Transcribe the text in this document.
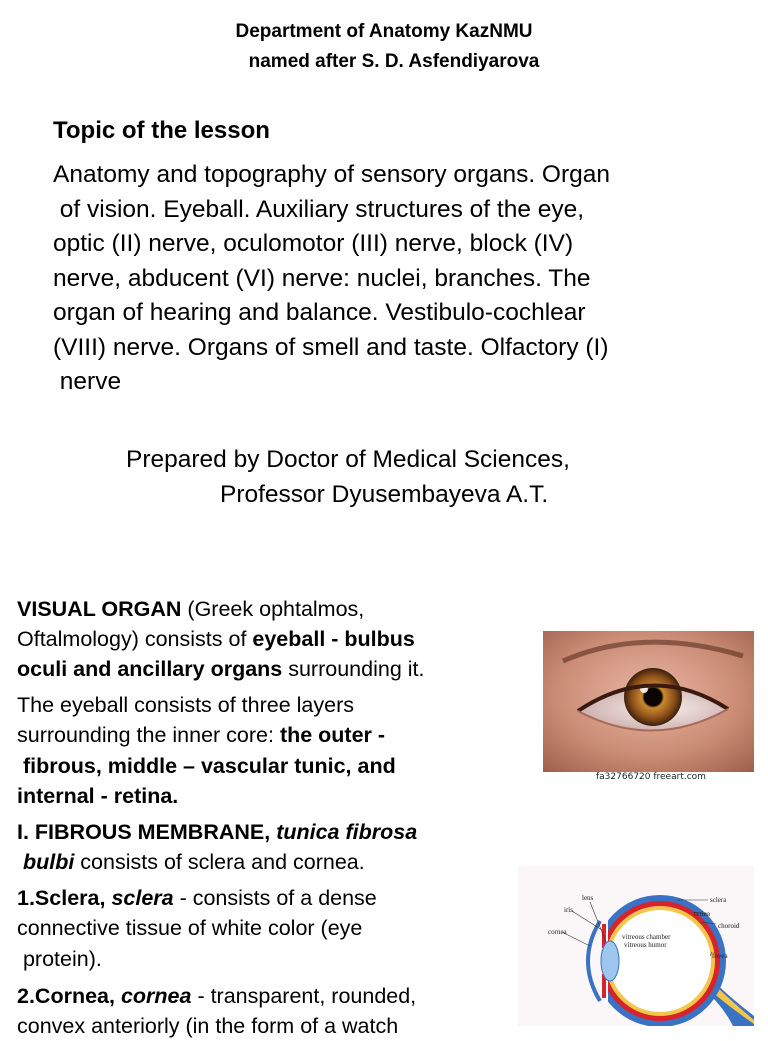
Department of Anatomy KazNMU
named after S. D. Asfendiyarova
Topic of the lesson
Anatomy and topography of sensory organs. Organ
of vision. Eyeball. Auxiliary structures of the eye,
optic (II) nerve, oculomotor (III) nerve, block (IV)
nerve, abducent (VI) nerve: nuclei, branches. The
organ of hearing and balance. Vestibulo-cochlear
(VIII) nerve. Organs of smell and taste. Olfactory (I)
nerve
Prepared by Doctor of Medical Sciences,
Professor Dyusembayeva A.T.
VISUAL ORGAN (Greek ophtalmos,
Oftalmology) consists of eyeball - bulbus
oculi and ancillary organs surrounding it.
The eyeball consists of three layers
surrounding the inner core: the outer -
fibrous, middle – vascular tunic, and
internal - retina.
I. FIBROUS MEMBRANE, tunica fibrosa
bulbi consists of sclera and cornea.
1.Sclera, sclera - consists of a dense
connective tissue of white color (eye
protein).
2.Cornea, cornea - transparent, rounded,
convex anteriorly (in the form of a watch
fa32766720 freeart.com
lens
iris
cornea
sclera
retina
choroid
fovea
vitreous chamber
vitreous humor
